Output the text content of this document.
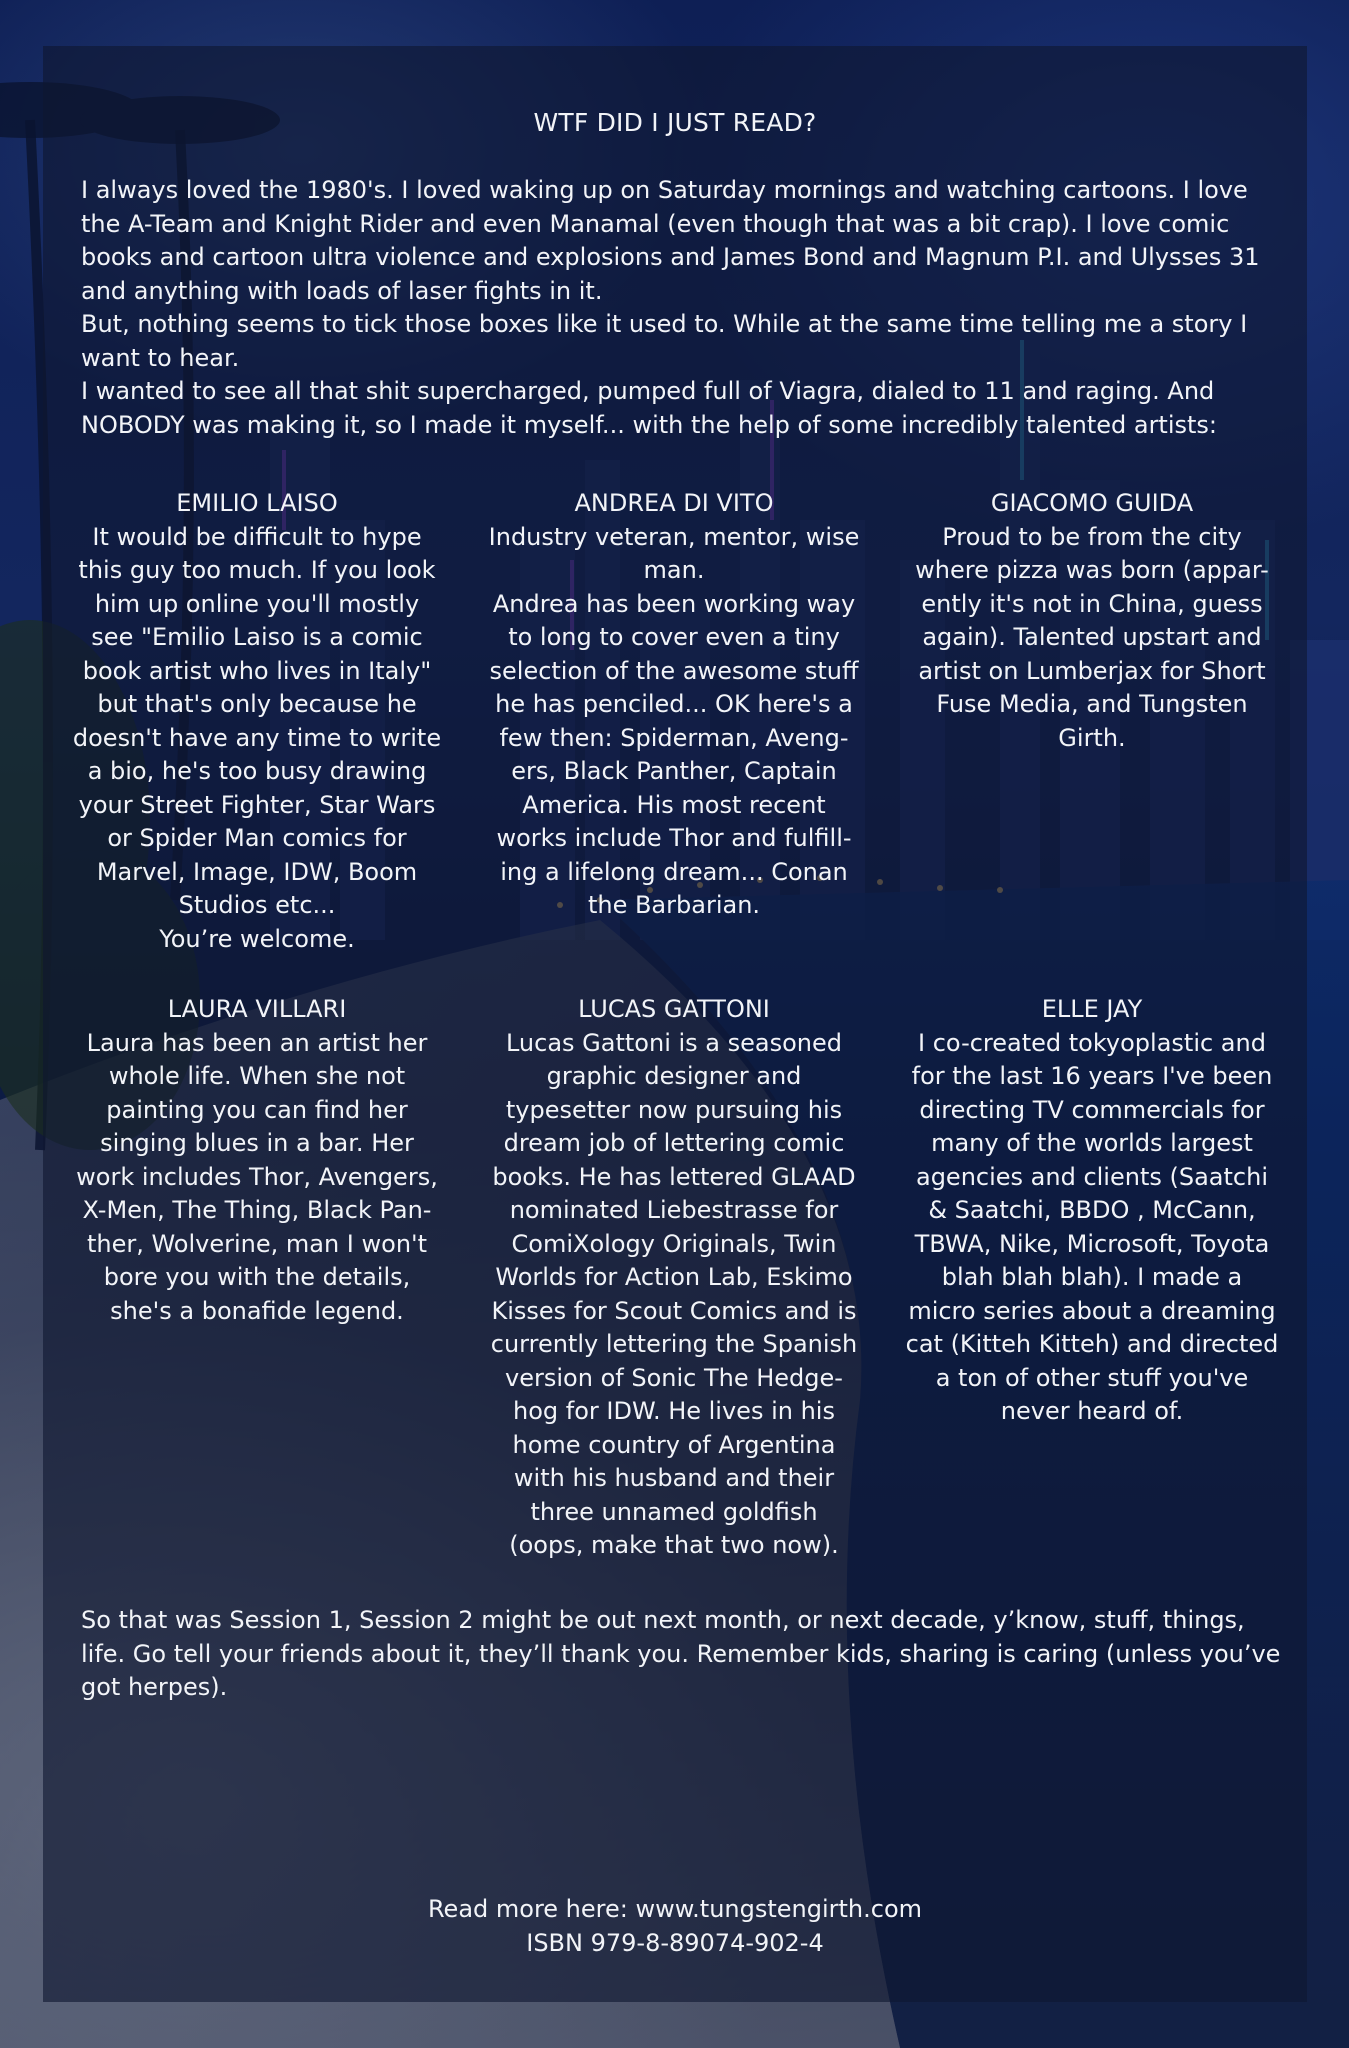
WTF DID I JUST READ?

I always loved the 1980's. I loved waking up on Saturday mornings and watching cartoons. I love the A-Team and Knight Rider and even Manamal (even though that was a bit crap). I love comic books and cartoon ultra violence and explosions and James Bond and Magnum P.I. and Ulysses 31 and anything with loads of laser fights in it.

But, nothing seems to tick those boxes like it used to. While at the same time telling me a story I want to hear.

I wanted to see all that shit supercharged, pumped full of Viagra, dialed to 11 and raging. And NOBODY was making it, so I made it myself... with the help of some incredibly talented artists:

EMILIO LAISO
It would be difficult to hype
this guy too much. If you look
him up online you'll mostly
see "Emilio Laiso is a comic
book artist who lives in Italy"
but that's only because he
doesn't have any time to write
a bio, he's too busy drawing
your Street Fighter, Star Wars
or Spider Man comics for
Marvel, Image, IDW, Boom
Studios etc...
You’re welcome.
ANDREA DI VITO
Industry veteran, mentor, wise
man.
Andrea has been working way
to long to cover even a tiny
selection of the awesome stuff
he has penciled... OK here's a
few then: Spiderman, Aveng-
ers, Black Panther, Captain
America. His most recent
works include Thor and fulfill-
ing a lifelong dream... Conan
the Barbarian.
GIACOMO GUIDA
Proud to be from the city
where pizza was born (appar-
ently it's not in China, guess
again). Talented upstart and
artist on Lumberjax for Short
Fuse Media, and Tungsten
Girth.
LAURA VILLARI
Laura has been an artist her
whole life. When she not
painting you can find her
singing blues in a bar. Her
work includes Thor, Avengers,
X-Men, The Thing, Black Pan-
ther, Wolverine, man I won't
bore you with the details,
she's a bonafide legend.
LUCAS GATTONI
Lucas Gattoni is a seasoned
graphic designer and
typesetter now pursuing his
dream job of lettering comic
books. He has lettered GLAAD
nominated Liebestrasse for
ComiXology Originals, Twin
Worlds for Action Lab, Eskimo
Kisses for Scout Comics and is
currently lettering the Spanish
version of Sonic The Hedge-
hog for IDW. He lives in his
home country of Argentina
with his husband and their
three unnamed goldfish
(oops, make that two now).
ELLE JAY
I co-created tokyoplastic and
for the last 16 years I've been
directing TV commercials for
many of the worlds largest
agencies and clients (Saatchi
& Saatchi, BBDO , McCann,
TBWA, Nike, Microsoft, Toyota
blah blah blah). I made a
micro series about a dreaming
cat (Kitteh Kitteh) and directed
a ton of other stuff you've
never heard of.
So that was Session 1, Session 2 might be out next month, or next decade, y’know, stuff, things, life. Go tell your friends about it, they’ll thank you. Remember kids, sharing is caring (unless you’ve got herpes).
Read more here: www.tungstengirth.com
ISBN 979-8-89074-902-4
